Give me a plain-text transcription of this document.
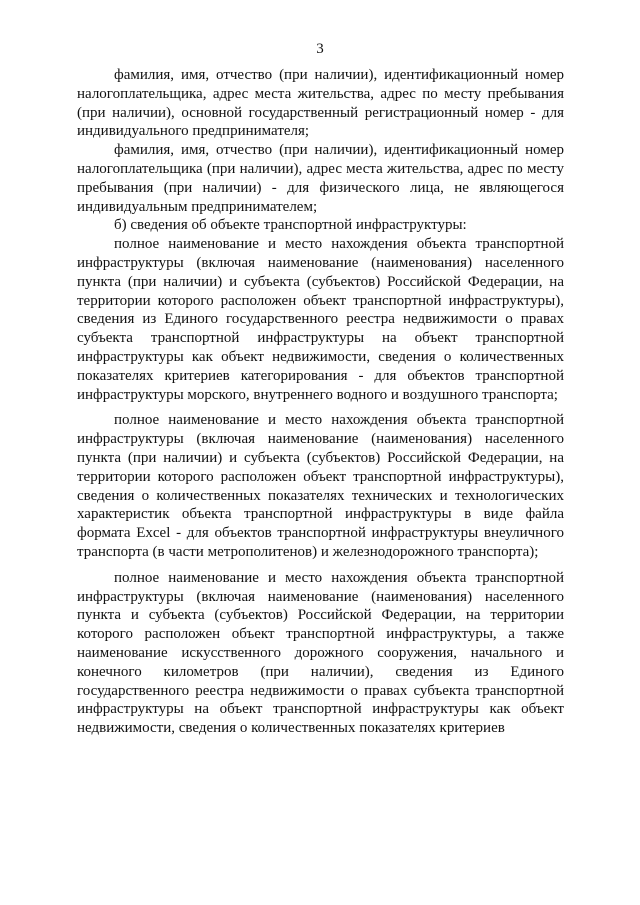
3

фамилия, имя, отчество (при наличии), идентификационный номер налогоплательщика, адрес места жительства, адрес по месту пребывания (при наличии), основной государственный регистрационный номер - для индивидуального предпринимателя;

фамилия, имя, отчество (при наличии), идентификационный номер налогоплательщика (при наличии), адрес места жительства, адрес по месту пребывания (при наличии) - для физического лица, не являющегося индивидуальным предпринимателем;

б) сведения об объекте транспортной инфраструктуры:

полное наименование и место нахождения объекта транспортной инфраструктуры (включая наименование (наименования) населенного пункта (при наличии) и субъекта (субъектов) Российской Федерации, на территории которого расположен объект транспортной инфраструктуры), сведения из Единого государственного реестра недвижимости о правах субъекта транспортной инфраструктуры на объект транспортной инфраструктуры как объект недвижимости, сведения о количественных показателях критериев категорирования - для объектов транспортной инфраструктуры морского, внутреннего водного и воздушного транспорта;

полное наименование и место нахождения объекта транспортной инфраструктуры (включая наименование (наименования) населенного пункта (при наличии) и субъекта (субъектов) Российской Федерации, на территории которого расположен объект транспортной инфраструктуры), сведения о количественных показателях технических и технологических характеристик объекта транспортной инфраструктуры в виде файла формата Excel - для объектов транспортной инфраструктуры внеуличного транспорта (в части метрополитенов) и железнодорожного транспорта);

полное наименование и место нахождения объекта транспортной инфраструктуры (включая наименование (наименования) населенного пункта и субъекта (субъектов) Российской Федерации, на территории которого расположен объект транспортной инфраструктуры, а также наименование искусственного дорожного сооружения, начального и конечного километров (при наличии), сведения из Единого государственного реестра недвижимости о правах субъекта транспортной инфраструктуры на объект транспортной инфраструктуры как объект недвижимости, сведения о количественных показателях критериев
